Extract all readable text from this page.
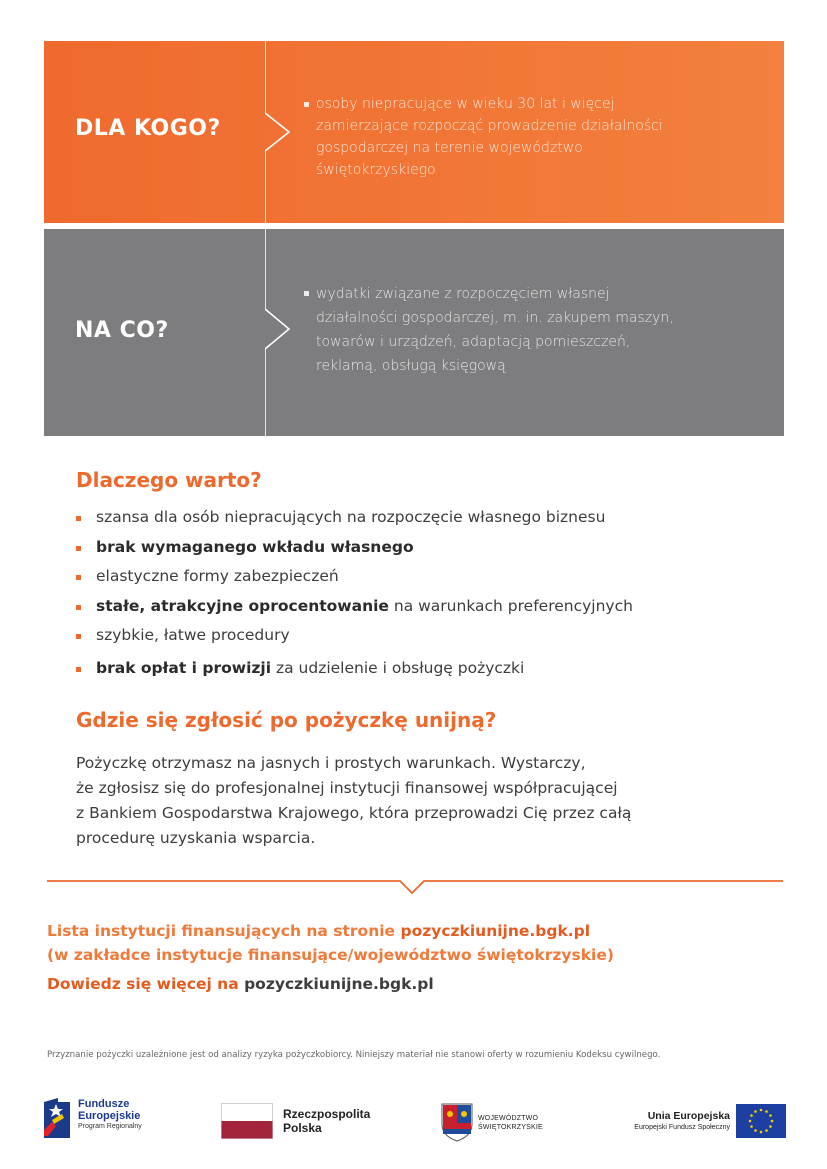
DLA KOGO?
osoby niepracujące w wieku 30 lat i więcej
zamierzające rozpocząć prowadzenie działalności
gospodarczej na terenie województwo
świętokrzyskiego
NA CO?
wydatki związane z rozpoczęciem własnej
działalności gospodarczej, m. in. zakupem maszyn,
towarów i urządzeń, adaptacją pomieszczeń,
reklamą, obsługą księgową
Dlaczego warto?
szansa dla osób niepracujących na rozpoczęcie własnego biznesu
brak wymaganego wkładu własnego
elastyczne formy zabezpieczeń
stałe, atrakcyjne oprocentowanie na warunkach preferencyjnych
szybkie, łatwe procedury
brak opłat i prowizji za udzielenie i obsługę pożyczki
Gdzie się zgłosić po pożyczkę unijną?
Pożyczkę otrzymasz na jasnych i prostych warunkach. Wystarczy,
że zgłosisz się do profesjonalnej instytucji finansowej współpracującej
z Bankiem Gospodarstwa Krajowego, która przeprowadzi Cię przez całą
procedurę uzyskania wsparcia.
Lista instytucji finansujących na stronie pozyczkiunijne.bgk.pl
(w zakładce instytucje finansujące/województwo świętokrzyskie)
Dowiedz się więcej na pozyczkiunijne.bgk.pl
Przyznanie pożyczki uzależnione jest od analizy ryzyka pożyczkobiorcy. Niniejszy materiał nie stanowi oferty w rozumieniu Kodeksu cywilnego.
Fundusze
Europejskie
Program Regionalny
Rzeczpospolita
Polska
WOJEWÓDZTWO
ŚWIĘTOKRZYSKIE
Unia Europejska
Europejski Fundusz Społeczny
